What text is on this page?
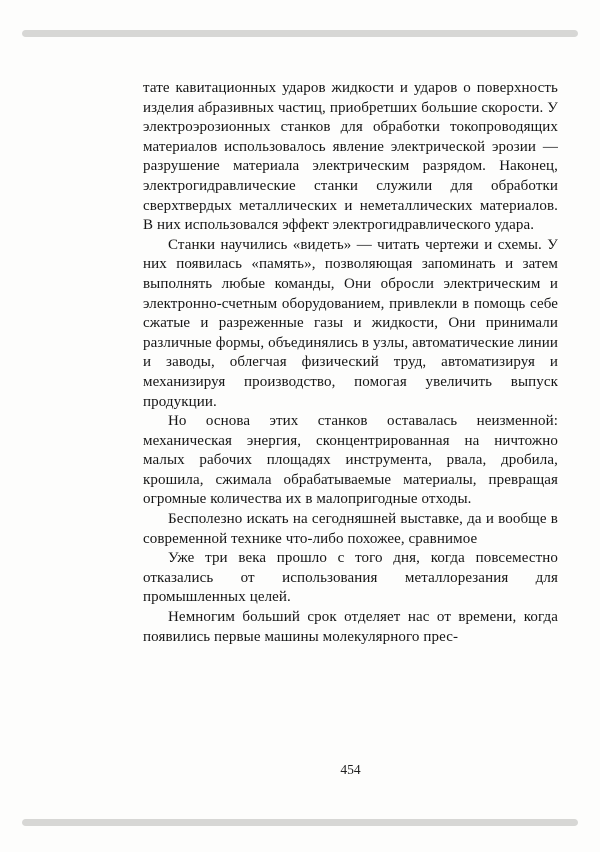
тате кавитационных ударов жидкости и ударов о поверхность изделия абразивных частиц, приобретших большие скорости. У электроэрозионных станков для обработки токопроводящих материалов использовалось явление электрической эрозии — разрушение материала электрическим разрядом. Наконец, электрогидравлические станки служили для обработки сверхтвердых металлических и неметаллических материалов. В них использовался эффект электрогидравлического удара.

Станки научились «видеть» — читать чертежи и схемы. У них появилась «память», позволяющая запоминать и затем выполнять любые команды, Они обросли электрическим и электронно-счетным оборудованием, привлекли в помощь себе сжатые и разреженные газы и жидкости, Они принимали различные формы, объединялись в узлы, автоматические линии и заводы, облегчая физический труд, автоматизируя и механизируя производство, помогая увеличить выпуск продукции.

Но основа этих станков оставалась неизменной: механическая энергия, сконцентрированная на ничтожно малых рабочих площадях инструмента, рвала, дробила, крошила, сжимала обрабатываемые материалы, превращая огромные количества их в малопригодные отходы.

Бесполезно искать на сегодняшней выставке, да и вообще в современной технике что-либо похожее, сравнимое

Уже три века прошло с того дня, когда повсеместно отказались от использования металлорезания для промышленных целей.

Немногим больший срок отделяет нас от времени, когда появились первые машины молекулярного прес-

454
